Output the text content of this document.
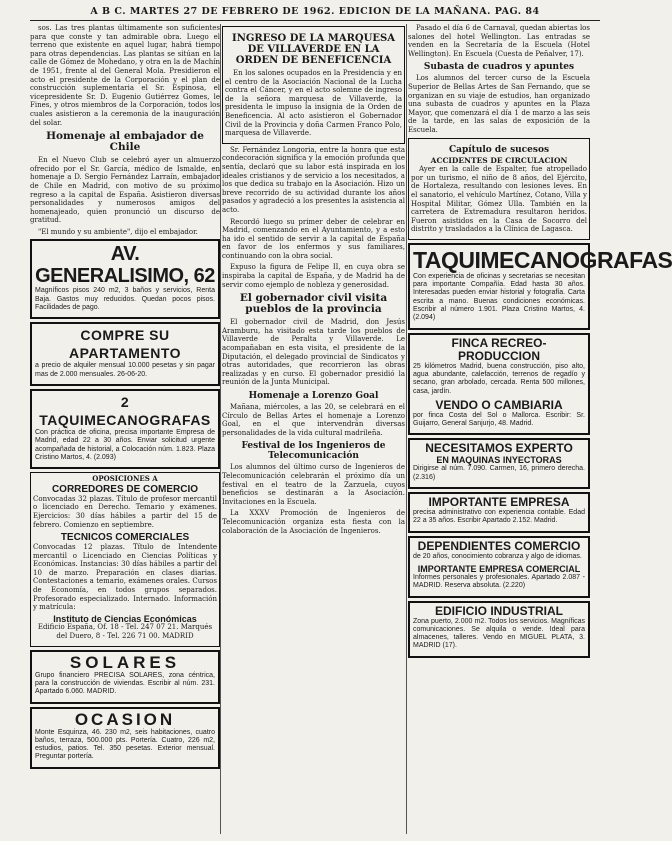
A B C. MARTES 27 DE FEBRERO DE 1962. EDICION DE LA MAÑANA. PAG. 84

sos. Las tres plantas últimamente son suficientes para que conste y tan admirable obra. Luego el terreno que existente en aquel lugar, habrá tiempo para otras dependencias. Las plantas se sitúan en la calle de Gómez de Mohedano, y otra en la de Machín de 1951, frente al del General Mola. Presidieron el acto el presidente de la Corporación y el plan de construcción suplementaria el Sr. Espinosa, el vicepresidente Sr. D. Eugenio Gutiérrez Gomes, le Fines, y otros miembros de la Corporación, todos los cuales asistieron a la ceremonia de la inauguración del solar.

Homenaje al embajador de Chile

En el Nuevo Club se celebró ayer un almuerzo ofrecido por el Sr. García, médico de Ismalde, en homenaje a D. Sergio Fernández Larraín, embajador de Chile en Madrid, con motivo de su próximo regreso a la capital de España. Asistieron diversas personalidades y numerosos amigos del homenajeado, quien pronunció un discurso de gratitud.

"El mundo y su ambiente", dijo el embajador.

AV. GENERALISIMO, 62

Magníficos pisos 240 m2, 3 baños y servicios, Renta Baja. Gastos muy reducidos. Quedan pocos pisos. Facilidades de pago.

COMPRE SU APARTAMENTO

a precio de alquiler mensual 10.000 pesetas y sin pagar mas de 2.000 mensuales. 26-06-20.

2 TAQUIMECANOGRAFAS

Con práctica de oficina, precisa importante Empresa de Madrid, edad 22 a 30 años. Enviar solicitud urgente acompañada de historial, a Colocación núm. 1.823. Plaza Cristino Martos, 4. (2.093)

OPOSICIONES A
CORREDORES DE COMERCIO

Convocadas 32 plazas. Título de profesor mercantil o licenciado en Derecho. Temario y exámenes. Ejercicios: 30 días hábiles a partir del 15 de febrero. Comienzo en septiembre.

TECNICOS COMERCIALES

Convocadas 12 plazas. Título de Intendente mercantil o Licenciado en Ciencias Políticas y Económicas. Instancias: 30 días hábiles a partir del 10 de marzo. Preparación en clases diarias. Contestaciones a temario, exámenes orales. Cursos de Economía, en todos grupos separados. Profesorado especializado. Internado. Información y matrícula:

Instituto de Ciencias Económicas

Edificio España, Of. 18 - Tel. 247 07 21. Marqués del Duero, 8 - Tel. 226 71 00. MADRID

SOLARES

Grupo financiero PRECISA SOLARES, zona céntrica, para la construcción de viviendas. Escribir al núm. 231. Apartado 6.060. MADRID.

OCASION

Monte Esquinza, 46. 230 m2, seis habitaciones, cuatro baños, terraza, 500.000 pts. Portería. Cuatro, 226 m2, estudios, patios. Tel. 350 pesetas. Exterior mensual. Preguntar portería.

INGRESO DE LA MARQUESA DE VILLAVERDE EN LA ORDEN DE BENEFICENCIA

En los salones ocupados en la Presidencia y en el centro de la Asociación Nacional de la Lucha contra el Cáncer, y en el acto solemne de ingreso de la señora marquesa de Villaverde, la presidenta le impuso la insignia de la Orden de Beneficencia. Al acto asistieron el Gobernador Civil de la Provincia y doña Carmen Franco Polo, marquesa de Villaverde.

Sr. Fernández Longoria, entre la honra que esta condecoración significa y la emoción profunda que sentía, declaró que su labor está inspirada en los ideales cristianos y de servicio a los necesitados, a los que dedica su trabajo en la Asociación. Hizo un breve recorrido de su actividad durante los años pasados y agradeció a los presentes la asistencia al acto.

Recordó luego su primer deber de celebrar en Madrid, comenzando en el Ayuntamiento, y a esto ha ido el sentido de servir a la capital de España en favor de los enfermos y sus familiares, continuando con la obra social.

Expuso la figura de Felipe II, en cuya obra se inspiraba la capital de España, y de Madrid ha de servir como ejemplo de nobleza y generosidad.

El gobernador civil visita pueblos de la provincia

El gobernador civil de Madrid, don Jesús Aramburu, ha visitado esta tarde los pueblos de Villaverde de Peralta y Villaverde. Le acompañaban en esta visita, el presidente de la Diputación, el delegado provincial de Sindicatos y otras autoridades, que recorrieron las obras realizadas y en curso. El gobernador presidió la reunión de la Junta Municipal.

Homenaje a Lorenzo Goal

Mañana, miércoles, a las 20, se celebrará en el Círculo de Bellas Artes el homenaje a Lorenzo Goal, en el que intervendrán diversas personalidades de la vida cultural madrileña.

Festival de los Ingenieros de Telecomunicación

Los alumnos del último curso de Ingenieros de Telecomunicación celebrarán el próximo día un festival en el teatro de la Zarzuela, cuyos beneficios se destinarán a la Asociación. Invitaciones en la Escuela.

La XXXV Promoción de Ingenieros de Telecomunicación organiza esta fiesta con la colaboración de la Asociación de Ingenieros.

Pasado el día 6 de Carnaval, quedan abiertas los salones del hotel Wellington. Las entradas se venden en la Secretaría de la Escuela (Hotel Wellington). En Escuela (Cuesta de Peñalver, 17).

Subasta de cuadros y apuntes

Los alumnos del tercer curso de la Escuela Superior de Bellas Artes de San Fernando, que se organizan en su viaje de estudios, han organizado una subasta de cuadros y apuntes en la Plaza Mayor, que comenzará el día 1 de marzo a las seis de la tarde, en las salas de exposición de la Escuela.

Capítulo de sucesos
ACCIDENTES DE CIRCULACION

Ayer en la calle de Espalter, fue atropellado por un turismo, el niño de 8 años, del Ejército, de Hortaleza, resultando con lesiones leves. En el sanatorio, el vehículo Martínez, Cotano, Villa y Hospital Militar, Gómez Ulla. También en la carretera de Extremadura resultaron heridos. Fueron asistidos en la Casa de Socorro del distrito y trasladados a la Clínica de Lagasca.

TAQUIMECANOGRAFAS

Con experiencia de oficinas y secretarias se necesitan para importante Compañía. Edad hasta 30 años. Interesadas pueden enviar historial y fotografía. Carta escrita a mano. Buenas condiciones económicas. Escribir al número 1.901. Plaza Cristino Martos, 4. (2.094)

FINCA RECREO-PRODUCCION

25 kilómetros Madrid, buena construcción, piso alto, agua abundante, calefacción, terrenos de regadío y secano, gran arbolado, cercada. Renta 500 millones, casa, jardín.

VENDO O CAMBIARIA

por finca Costa del Sol o Mallorca. Escribir: Sr. Guijarro, General Sanjurjo, 48. Madrid.

NECESITAMOS EXPERTO
EN MAQUINAS INYECTORAS

Dirigirse al núm. 7.090. Carmen, 16, primero derecha. (2.316)

IMPORTANTE EMPRESA

precisa administrativo con experiencia contable. Edad 22 a 35 años. Escribir Apartado 2.152. Madrid.

DEPENDIENTES COMERCIO

de 20 años, conocimiento cobranza y algo de idiomas.

IMPORTANTE EMPRESA COMERCIAL

Informes personales y profesionales. Apartado 2.087 - MADRID. Reserva absoluta. (2.220)

EDIFICIO INDUSTRIAL

Zona puerto, 2.000 m2. Todos los servicios. Magníficas comunicaciones. Se alquila o vende. Ideal para almacenes, talleres. Vendo en MIGUEL PLATA, 3. MADRID (17).
